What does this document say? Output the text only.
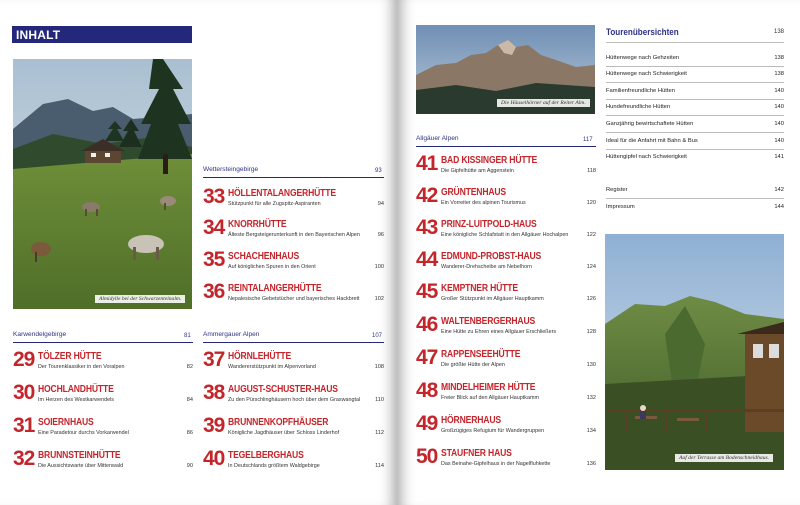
INHALT
Almidylle bei der Schwarzenteinalm.
Wettersteingebirge	93
33 HÖLLENTALANGERHÜTTE
Stützpunkt für alle Zugspitz-Aspiranten	94
34 KNORRHÜTTE
Älteste Bergsteigerunterkunft in den Bayerischen Alpen	96
35 SCHACHENHAUS
Auf königlichen Spuren in den Orient	100
36 REINTALANGERHÜTTE
Nepalesische Gebetstücher und bayerisches Hackbrett	102
Karwendelgebirge	81
29 TÖLZER HÜTTE
Der Tourenklassiker in den Voralpen	82
30 HOCHLANDHÜTTE
Im Herzen des Westkarwendels	84
31 SOIERNHAUS
Eine Paradetour durchs Vorkarwendel	86
32 BRUNNSTEINHÜTTE
Die Aussichtswarte über Mittenwald	90
Ammergauer Alpen	107
37 HÖRNLEHÜTTE
Wandererstützpunkt im Alpenvorland	108
38 AUGUST-SCHUSTER-HAUS
Zu den Pürschlinghäusern hoch über dem Graswangtal	110
39 BRUNNENKOPFHÄUSER
Königliche Jagdhäuser über Schloss Linderhof	112
40 TEGELBERGHAUS
In Deutschlands größtem Waldgebirge	114
Die Häuselhörner auf der Reiter Alm.
Allgäuer Alpen	117
41 BAD KISSINGER HÜTTE
Die Gipfelhütte am Aggenstein	118
42 GRÜNTENHAUS
Ein Vorreiter des alpinen Tourismus	120
43 PRINZ-LUITPOLD-HAUS
Eine königliche Schlafstatt in den Allgäuer Hochalpen	122
44 EDMUND-PROBST-HAUS
Wanderer-Drehscheibe am Nebelhorn	124
45 KEMPTNER HÜTTE
Großer Stützpunkt im Allgäuer Hauptkamm	126
46 WALTENBERGERHAUS
Eine Hütte zu Ehren eines Allgäuer Erschließers	128
47 RAPPENSEEHÜTTE
Die größte Hütte der Alpen	130
48 MINDELHEIMER HÜTTE
Freier Blick auf den Allgäuer Hauptkamm	132
49 HÖRNERHAUS
Großzügiges Refugium für Wandergruppen	134
50 STAUFNER HAUS
Das Beinahe-Gipfelhaus in der Nagelfluhkette	136
Auf der Terrasse am Bodenschneidhaus.
Tourenübersichten	138
Hüttenwege nach Gehzeiten	138
Hüttenwege nach Schwierigkeit	138
Familienfreundliche Hütten	140
Hundefreundliche Hütten	140
Ganzjährig bewirtschaftete Hütten	140
Ideal für die Anfahrt mit Bahn & Bus	140
Hüttengipfel nach Schwierigkeit	141
Register	142
Impressum	144
